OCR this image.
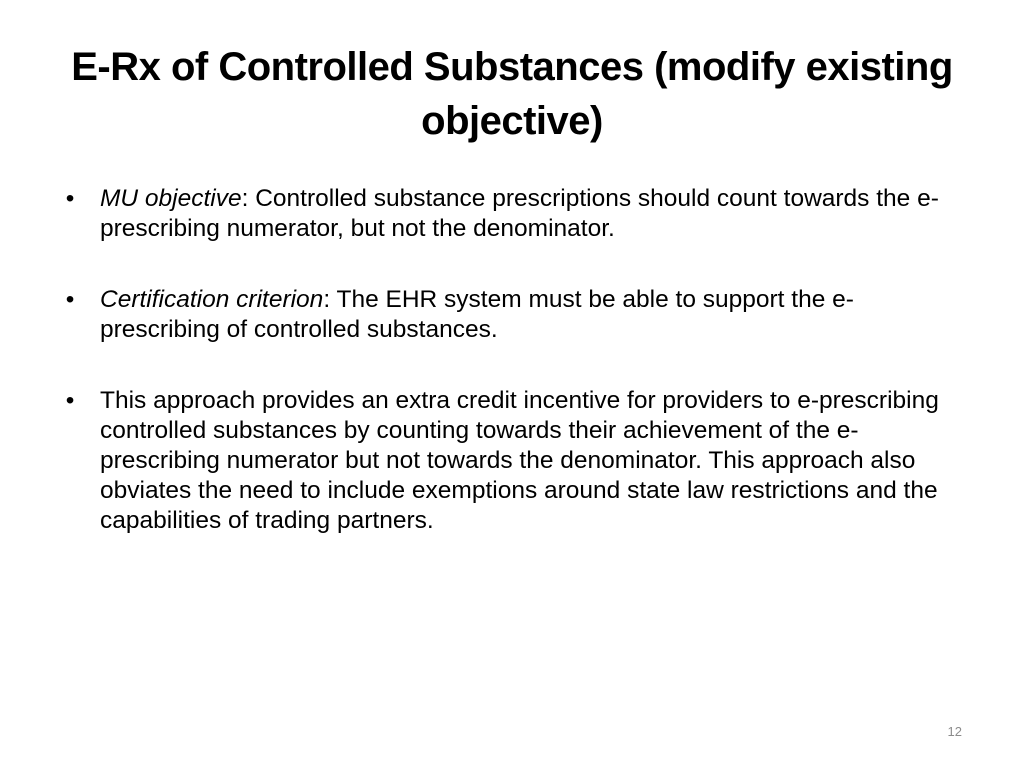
E-Rx of Controlled Substances (modify existing objective)
• MU objective: Controlled substance prescriptions should count towards the e-prescribing numerator, but not the denominator.
• Certification criterion: The EHR system must be able to support the e-prescribing of controlled substances.
• This approach provides an extra credit incentive for providers to e-prescribing controlled substances by counting towards their achievement of the e-prescribing numerator but not towards the denominator. This approach also obviates the need to include exemptions around state law restrictions and the capabilities of trading partners.
12
